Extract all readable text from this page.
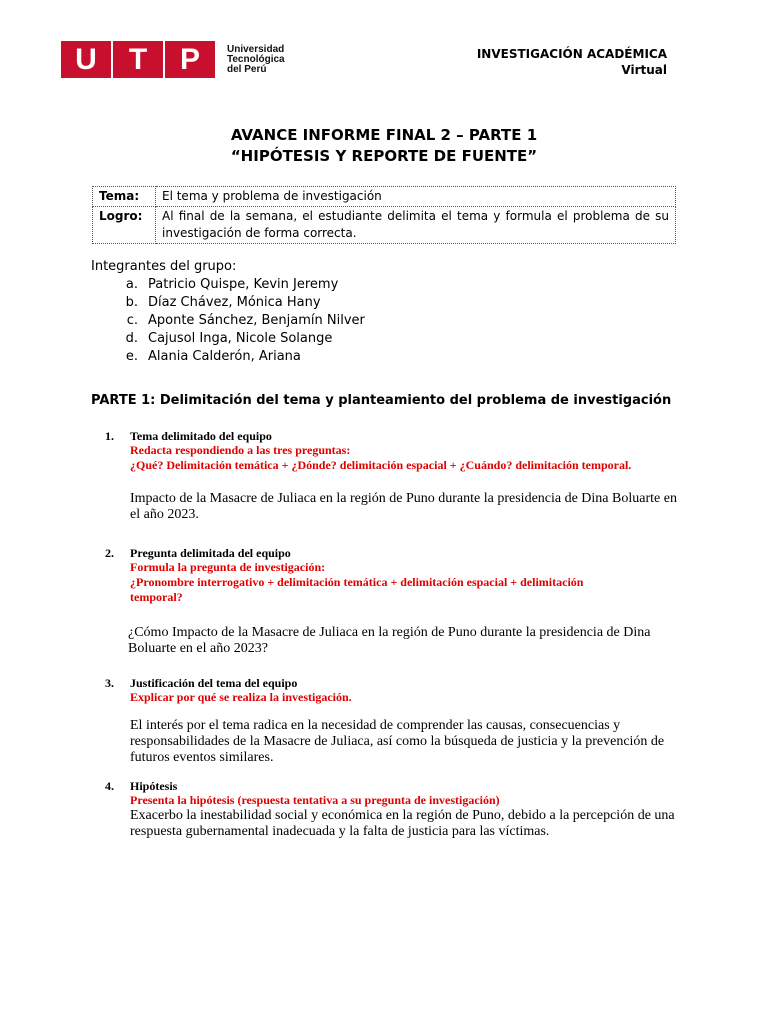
U	T	P	Universidad
Tecnológica
del Perú
INVESTIGACIÓN ACADÉMICA
Virtual
AVANCE INFORME FINAL 2 – PARTE 1
“HIPÓTESIS Y REPORTE DE FUENTE”
Tema:	El tema y problema de investigación
Logro:	Al final de la semana, el estudiante delimita el tema y formula el problema de su investigación de forma correcta.
Integrantes del grupo:
a. Patricio Quispe, Kevin Jeremy
b. Díaz Chávez, Mónica Hany
c. Aponte Sánchez, Benjamín Nilver
d. Cajusol Inga, Nicole Solange
e. Alania Calderón, Ariana
PARTE 1: Delimitación del tema y planteamiento del problema de investigación
1. Tema delimitado del equipo
Redacta respondiendo a las tres preguntas:
¿Qué? Delimitación temática + ¿Dónde? delimitación espacial + ¿Cuándo? delimitación temporal.
Impacto de la Masacre de Juliaca en la región de Puno durante la presidencia de Dina Boluarte en el año 2023.
2. Pregunta delimitada del equipo
Formula la pregunta de investigación:
¿Pronombre interrogativo + delimitación temática + delimitación espacial + delimitación temporal?
¿Cómo Impacto de la Masacre de Juliaca en la región de Puno durante la presidencia de Dina Boluarte en el año 2023?
3. Justificación del tema del equipo
Explicar por qué se realiza la investigación.
El interés por el tema radica en la necesidad de comprender las causas, consecuencias y responsabilidades de la Masacre de Juliaca, así como la búsqueda de justicia y la prevención de futuros eventos similares.
4. Hipótesis
Presenta la hipótesis (respuesta tentativa a su pregunta de investigación)
Exacerbo la inestabilidad social y económica en la región de Puno, debido a la percepción de una respuesta gubernamental inadecuada y la falta de justicia para las víctimas.
